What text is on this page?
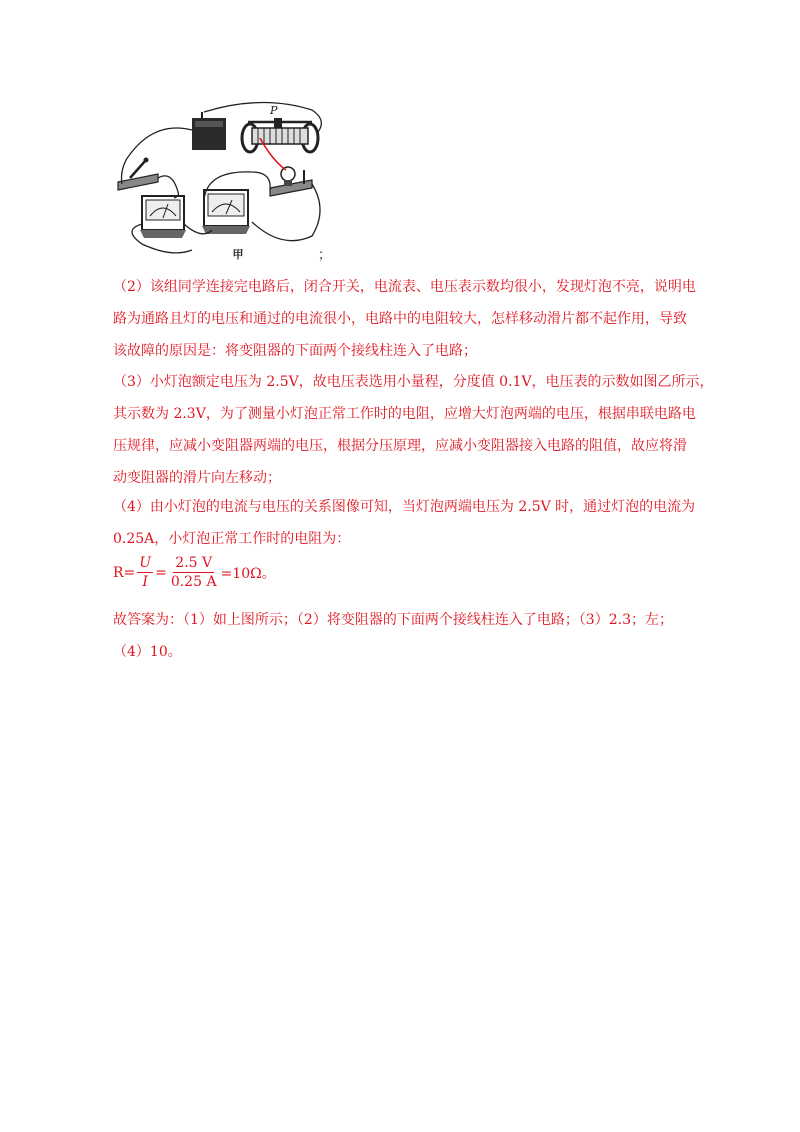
P
甲	；
（2）该组同学连接完电路后，闭合开关，电流表、电压表示数均很小，发现灯泡不亮，说明电
路为通路且灯的电压和通过的电流很小，电路中的电阻较大，怎样移动滑片都不起作用，导致
该故障的原因是：将变阻器的下面两个接线柱连入了电路；
（3）小灯泡额定电压为 2.5V，故电压表选用小量程，分度值 0.1V，电压表的示数如图乙所示，
其示数为 2.3V，为了测量小灯泡正常工作时的电阻，应增大灯泡两端的电压，根据串联电路电
压规律，应减小变阻器两端的电压，根据分压原理，应减小变阻器接入电路的阻值，故应将滑
动变阻器的滑片向左移动；
（4）由小灯泡的电流与电压的关系图像可知，当灯泡两端电压为 2.5V 时，通过灯泡的电流为
0.25A，小灯泡正常工作时的电阻为：
$R= \frac{U}{I} = \frac{2.5 V}{0.25 A} =10\Omega$。
故答案为：（1）如上图所示；（2）将变阻器的下面两个接线柱连入了电路；（3）2.3；左；
（4）10。
